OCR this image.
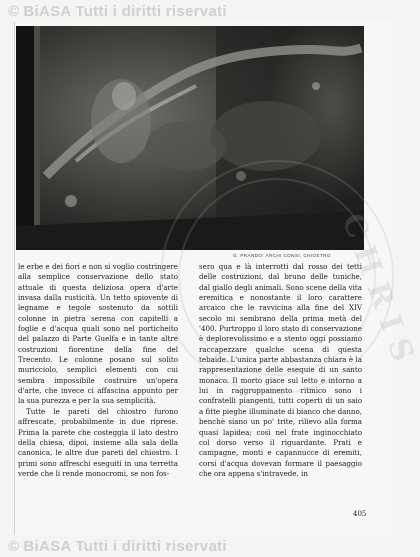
© BiASA Tutti i diritti riservati
G. PRANDO: ARCHI CONSI. CHIOSTRO

le erbe e dei fiori e non si voglio costringere alla semplice conservazione dello stato attuale di questa deliziosa opera d'arte invasa dalla rusticità. Un tetto spiovente di legname e tegole sostenuto da sottili colonne in pietra serena con capitelli a foglie e d'acqua quali sono nel porticheito del palazzo di Parte Guelfa e in tante altre costruzioni fiorentine della fine del Trecento. Le colonne posano sul solito muricciolo, semplici elementi con cui sembra impossibile costruire un'opera d'arte, che invece ci affascina appunto per la sua purezza e per la sua semplicità.

Tutte le pareti del chiostro furono affrescate, probabilmente in due riprese. Prima la parete che costeggia il lato destro della chiesa, dipoi, insieme alla sala della canonica, le altre due pareti del chiostro. I primi sono affreschi eseguiti in una terretta verde che li rende monocromi, se non fos-

sero qua e là interrotti dal rosso dei tetti delle costruzioni, dal bruno delle tuniche, dal giallo degli animali. Sono scene della vita eremitica e nonostante il loro carattere arcaico che le ravvicina alla fine del XIV secolo mi sembrano della prima metà del '400. Purtroppo il loro stato di conservazione è deplorevolissimo e a stento oggi possiamo raccapezzare qualche scena di questa tebaide. L'unica parte abbastanza chiara è la rappresentazione delle esequie di un santo monaco. Il morto giace sul letto e intorno a lui in raggruppamento ritmico sono i confratelli piangenti, tutti coperti di un saio a fitte pieghe illuminate di bianco che danno, benchè siano un po' trite, rilievo alla forma quasi lapidea; così nel frate inginocchiato col dorso verso il riguardante. Prati e campagne, monti e capannucce di eremiti, corsi d'acqua dovevan formare il paesaggio che ora appena s'intravede, in

405
C H R I S
© BiASA Tutti i diritti riservati
